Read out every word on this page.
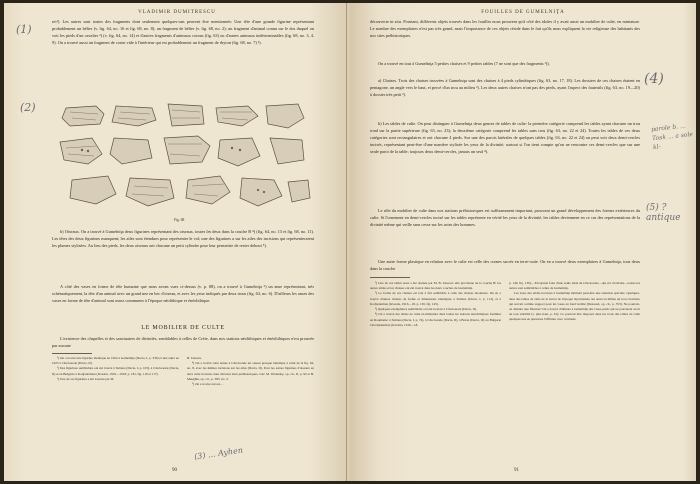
VLADIMIR DUMITRESCU

rei¹). Les autres sont toutes des fragments dont seulement quelques-uns peuvent être mentionnés: Une tête d'une grande figurine représentant probablement un bélier (v. fig. 64, no. 16 et fig. 68, no. 8); un fragment de bélier (v. fig. 68, no. 2); un fragment d'animal connu sur le dos duquel on voit les pieds d'un cavalier ²) (v. fig. 64, no. 14) et d'autres fragments d'animaux cornus (fig. 63) ou d'autres animaux indéterminables (fig. 68, no. 3, 4, 9). On a trouvé aussi un fragment de corne vide à l'intérieur qui est probablement un fragment de rhyton (fig. 68, no. 7) ³).

Fig. 68.

b) Oiseaux. On a trouvé à Gumelniţa deux figurines représentant des oiseaux, toutes les deux dans la couche B ⁴) (fig. 64, no. 13 et fig. 68, no. 11). Les têtes des deux figurines manquent; les ailes sont étendues pour représenter le vol; une des figurines a sur les ailes des incisions qui représenteraient les plumes stylisées. Au lieu des pieds, les deux oiseaux ont chacune un petit cylindre pour leur permettre de rester debout ⁵).

A côté des vases en forme de tête humaine que nous avons vues ci-dessus (v. p. 88), on a trouvé à Gumelniţa ⁶) un anse représentant, très schématiquement, la tête d'un animal avec un grand nez en bec d'oiseau, et avec les yeux indiqués par deux trous (fig. 63, no. 6). D'ailleurs les anses des vases en forme de tête d'animal sont assez communes à l'époque néolithique et énéolithique.

LE MOBILIER DE CULTE

L'existence des chapelles et des sanctuaires de divinités, semblables à celles de Crète, dans nos stations néolithiques et énéolithiques n'est prouvée par aucune

¹) On a trouvé une figurine identique en 1924 à Gumelniţa (Dacia, I, p. 330) et une autre en 1925 à Căscioarele (Dacia, II).

²) Des figurines semblables ont été trouvé à Sultana (Dacia, I, p. 103), à Căscioarele (Dacia, II) et en Bulgarie à Kodjaderman (Izvestia, 1916—1918, p. 181, fig. 116 et 117).

³) Une de ces figurines a été trouvée par M.

B. Ionescu.

⁴) On a trouvé cette année à Căscioarele un oiseau presque identique à celui de la fig. 64, no. 8, avec les mêmes incisions sur les ailes (Dacia, II). Pour les autres figurines d'oiseaux en terre cuite trouvées dans diverses sites préhistoriques, voir: M. Wosinsky, op. cit., II, p. 92 et H. Menghin, op. cit., p. 385, no. 3.

⁵) On a trouvé encore…

90
(1)
(2)
(3) ... Ayhen
FOUILLES DE GUMELNIŢA

découverte in situ. Pourtant, différents objets trouvés dans les fouilles nous prouvent qu'à côté des idoles il y avait aussi un mobilier de culte, en miniature. Le nombre des exemplaires n'est pas très grand, mais l'importance de ces objets réside dans le fait qu'ils nous expliquent la vie religieuse des habitants des nos sites préhistoriques.

On a trouvé en tout à Gumelniţa 5 petites chaises et 9 petites tables (7 ne sont que des fragments ¹)).

a) Chaises. Trois des chaises trouvées à Gumelniţa sont des chaises à 4 pieds cylindriques (fig. 63, no. 17, 18). Les dossiers de ces chaises étaient en pentagone, un angle vers le haut, et percé d'un trou au milieu ²). Les deux autres chaises n'ont pas des pieds, ayant l'aspect des fauteuils (fig. 63, no. 19—20) à dossier très petit ³).

b) Les tables de culte. On peut distinguer à Gumelniţa deux genres de tables de culte: la première catégorie comprend les tables ayant chacune un trou rond sur la partie supérieure (fig. 63, no. 23); la deuxième catégorie comprend les tables sans trou (fig. 63, no. 22 et 24). Toutes les tables de ces deux catégories sont rectangulaires et ont chacune 4 pieds. Sur une des parois latérales de quelques tables (fig. 63, no. 22 et 24) on peut voir deux demi-cercles incisés, représentant peut-être d'une manière stylisée les yeux de la divinité, surtout si l'on tient compte qu'on ne rencontre ces demi-cercles que sur une seule paroi de la table; toujours deux demi-cercles, jamais un seul ⁴).

Le rôle du mobilier de culte dans nos stations préhistoriques est suffisamment important, prouvant un grand développement des formes extérieures du culte. Si l'ornement en demi-cercles incisé sur les tables représente en vérité les yeux de la divinité, les tables deviennent en ce cas des représentations de la divinité même qui veille sans cesse sur les actes des hommes.

Une autre forme plastique en relation avec le culte est celle des cornes sacrés en terre-cuite. On en a trouvé deux exemplaires à Gumelniţa, tous deux dans la couche

¹) Une de ces tables nous a été donnée par M. B. Ionescu: elle provienne de la couche B; les autres tables et les chaises ont été trouvé dans les deux couches de Gumelniţa.

²) La forme de ces chaises est tout à fait semblable à celle des chaises modernes. On en a trouvé d'autres chaises de forme et dimensions identiques à Sultana (Dacia, I, p. 113), et à Kodjaderman (Izvestia, 1916—18, p. 136, fig. 145).

³) Quelques exemplaires semblables ont été trouvés à Căscioarele (Dacia, II).

⁴) On a trouvé des tables de culte en miniature dans toutes les stations énéolithiques fouillées en Roumanie: à Sultana (Dacia, I, p. 74), à Căscioarele (Dacia, II), à Boian (Dacia, II); en Bulgarie à Kodjaderman (Izvestia, 1916—18,

p. 140, fig. 139).—Exception faite d'une seule table de Căscioarele—qui est circulaire—toutes les autres sont semblables à celles de Gumelniţa.

Les trous des tables trouvées à Gumelniţa méritent peut-être une attention spéciale. Quelques-unes des tables de culte de la Grèce de l'époque mycénienne ont aussi au milieu un trou circulaire qui servait comme support pour les vases en fond bombé (Dussaud, op. cit., p. 353). Ne pourrait-on déduire une filiation? On a trouvé d'ailleurs à Gumelniţa des vases-pieds qui ne pouvaient avoir un tout stabilité (v. plus haut, p. 61); Ce pourrait être disposés dans les trous des tables de culte quelques uns en puissions l'affirmer avec certitude.

91
(4)
parole b. ... Tosk ... a sole kl-
(5) ? antique
